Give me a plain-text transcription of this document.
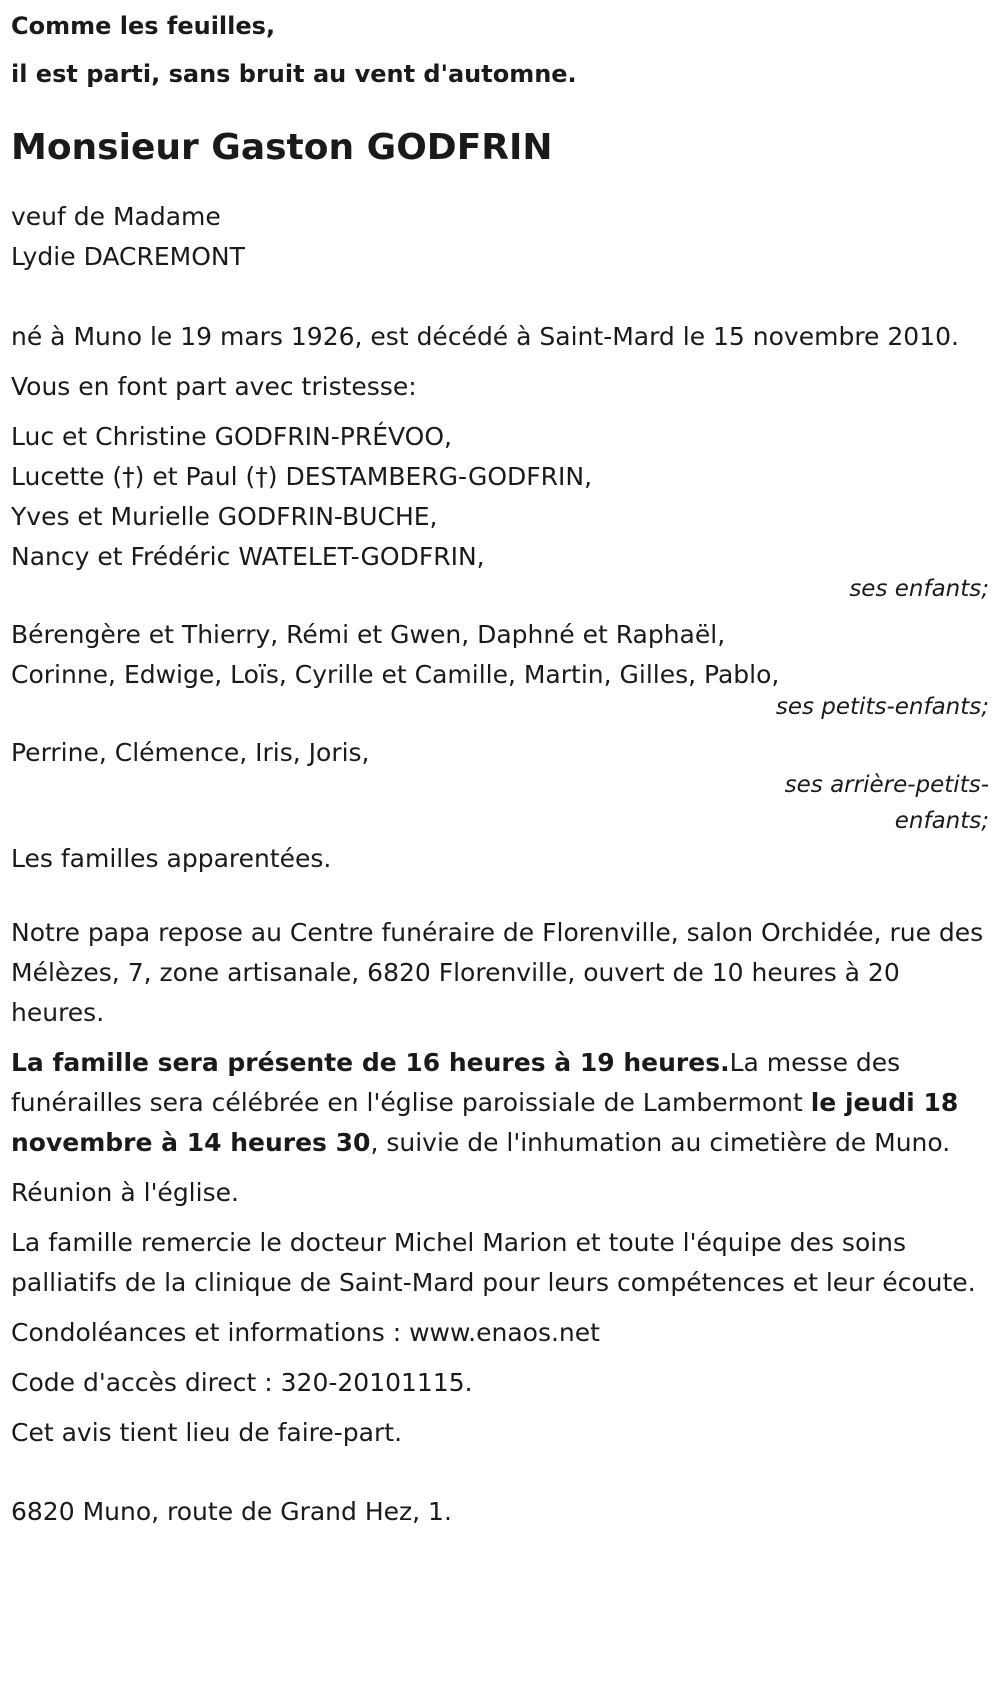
Comme les feuilles,
il est parti, sans bruit au vent d'automne.
Monsieur Gaston GODFRIN

veuf de Madame
Lydie DACREMONT

né à Muno le 19 mars 1926, est décédé à Saint-Mard le 15 novembre 2010.

Vous en font part avec tristesse:

Luc et Christine GODFRIN-PRÉVOO,
Lucette (†) et Paul (†) DESTAMBERG-GODFRIN,
Yves et Murielle GODFRIN-BUCHE,
Nancy et Frédéric WATELET-GODFRIN,
ses enfants;
Bérengère et Thierry, Rémi et Gwen, Daphné et Raphaël, Corinne, Edwige, Loïs, Cyrille et Camille, Martin, Gilles, Pablo,
ses petits-enfants;
Perrine, Clémence, Iris, Joris,
ses arrière-petits-enfants;

Les familles apparentées.

Notre papa repose au Centre funéraire de Florenville, salon Orchidée, rue des Mélèzes, 7, zone artisanale, 6820 Florenville, ouvert de 10 heures à 20 heures.

La famille sera présente de 16 heures à 19 heures.La messe des funérailles sera célébrée en l'église paroissiale de Lambermont le jeudi 18 novembre à 14 heures 30, suivie de l'inhumation au cimetière de Muno.

Réunion à l'église.

La famille remercie le docteur Michel Marion et toute l'équipe des soins palliatifs de la clinique de Saint-Mard pour leurs compétences et leur écoute.

Condoléances et informations : www.enaos.net

Code d'accès direct : 320-20101115.

Cet avis tient lieu de faire-part.

6820 Muno, route de Grand Hez, 1.
